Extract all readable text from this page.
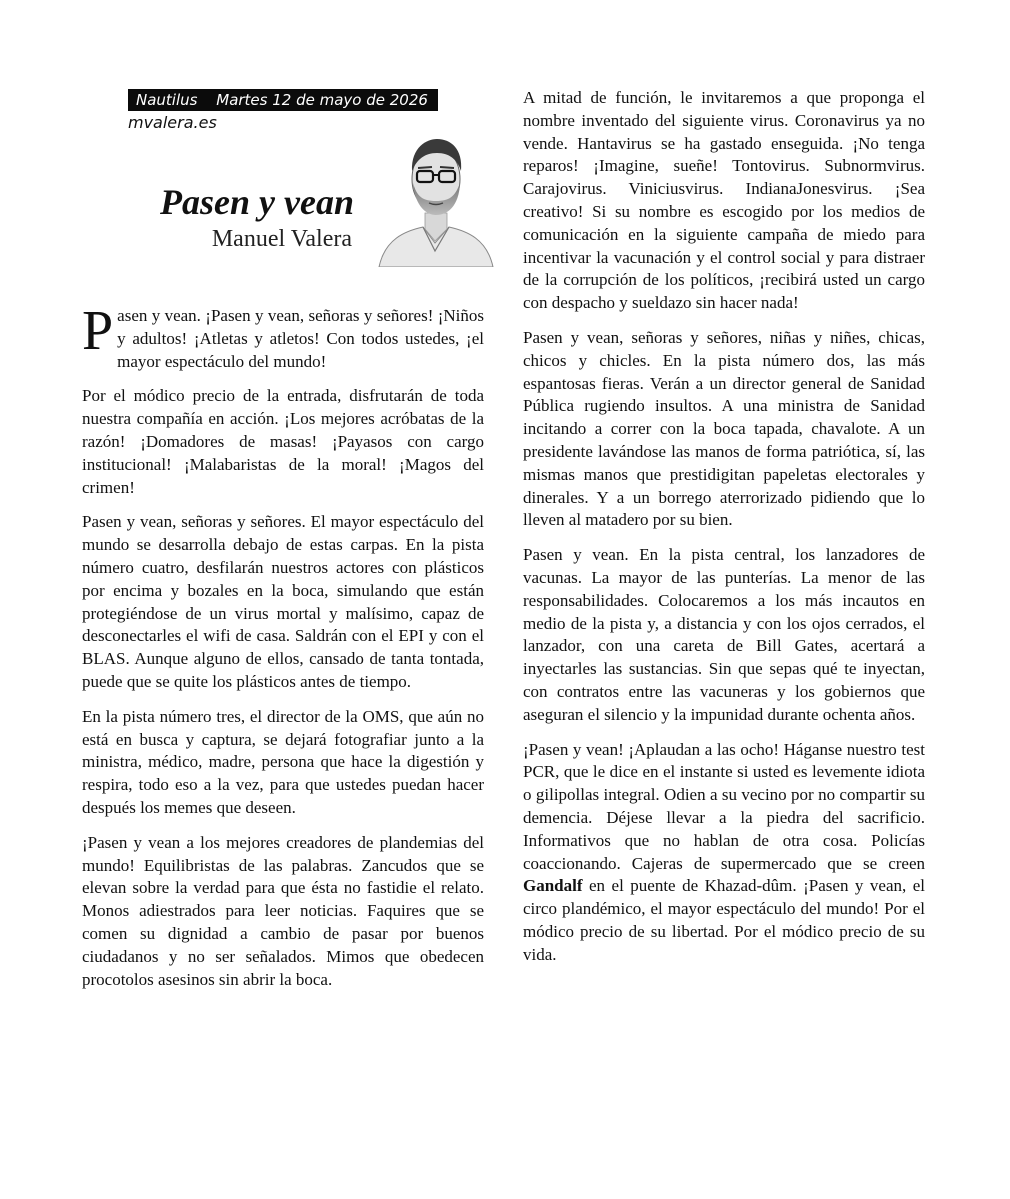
Nautilus Martes 12 de mayo de 2026
mvalera.es
Pasen y vean
Manuel Valera

Pasen y vean. ¡Pasen y vean, señoras y señores! ¡Niños y adultos! ¡Atletas y atletos! Con todos ustedes, ¡el mayor espectáculo del mundo!

Por el módico precio de la entrada, disfrutarán de toda nuestra compañía en acción. ¡Los mejores acróbatas de la razón! ¡Domadores de masas! ¡Payasos con cargo institucional! ¡Malabaristas de la moral! ¡Magos del crimen!

Pasen y vean, señoras y señores. El mayor espectáculo del mundo se desarrolla debajo de estas carpas. En la pista número cuatro, desfilarán nuestros actores con plásticos por encima y bozales en la boca, simulando que están protegiéndose de un virus mortal y malísimo, capaz de desconectarles el wifi de casa. Saldrán con el EPI y con el BLAS. Aunque alguno de ellos, cansado de tanta tontada, puede que se quite los plásticos antes de tiempo.

En la pista número tres, el director de la OMS, que aún no está en busca y captura, se dejará fotografiar junto a la ministra, médico, madre, persona que hace la digestión y respira, todo eso a la vez, para que ustedes puedan hacer después los memes que deseen.

¡Pasen y vean a los mejores creadores de plandemias del mundo! Equilibristas de las palabras. Zancudos que se elevan sobre la verdad para que ésta no fastidie el relato. Monos adiestrados para leer noticias. Faquires que se comen su dignidad a cambio de pasar por buenos ciudadanos y no ser señalados. Mimos que obedecen procotolos asesinos sin abrir la boca.

A mitad de función, le invitaremos a que proponga el nombre inventado del siguiente virus. Coronavirus ya no vende. Hantavirus se ha gastado enseguida. ¡No tenga reparos! ¡Imagine, sueñe! Tontovirus. Subnormvirus. Carajovirus. Viniciusvirus. IndianaJonesvirus. ¡Sea creativo! Si su nombre es escogido por los medios de comunicación en la siguiente campaña de miedo para incentivar la vacunación y el control social y para distraer de la corrupción de los políticos, ¡recibirá usted un cargo con despacho y sueldazo sin hacer nada!

Pasen y vean, señoras y señores, niñas y niñes, chicas, chicos y chicles. En la pista número dos, las más espantosas fieras. Verán a un director general de Sanidad Pública rugiendo insultos. A una ministra de Sanidad incitando a correr con la boca tapada, chavalote. A un presidente lavándose las manos de forma patriótica, sí, las mismas manos que prestidigitan papeletas electorales y dinerales. Y a un borrego aterrorizado pidiendo que lo lleven al matadero por su bien.

Pasen y vean. En la pista central, los lanzadores de vacunas. La mayor de las punterías. La menor de las responsabilidades. Colocaremos a los más incautos en medio de la pista y, a distancia y con los ojos cerrados, el lanzador, con una careta de Bill Gates, acertará a inyectarles las sustancias. Sin que sepas qué te inyectan, con contratos entre las vacuneras y los gobiernos que aseguran el silencio y la impunidad durante ochenta años.

¡Pasen y vean! ¡Aplaudan a las ocho! Háganse nuestro test PCR, que le dice en el instante si usted es levemente idiota o gilipollas integral. Odien a su vecino por no compartir su demencia. Déjese llevar a la piedra del sacrificio. Informativos que no hablan de otra cosa. Policías coaccionando. Cajeras de supermercado que se creen Gandalf en el puente de Khazad-dûm. ¡Pasen y vean, el circo plandémico, el mayor espectáculo del mundo! Por el módico precio de su libertad. Por el módico precio de su vida.
